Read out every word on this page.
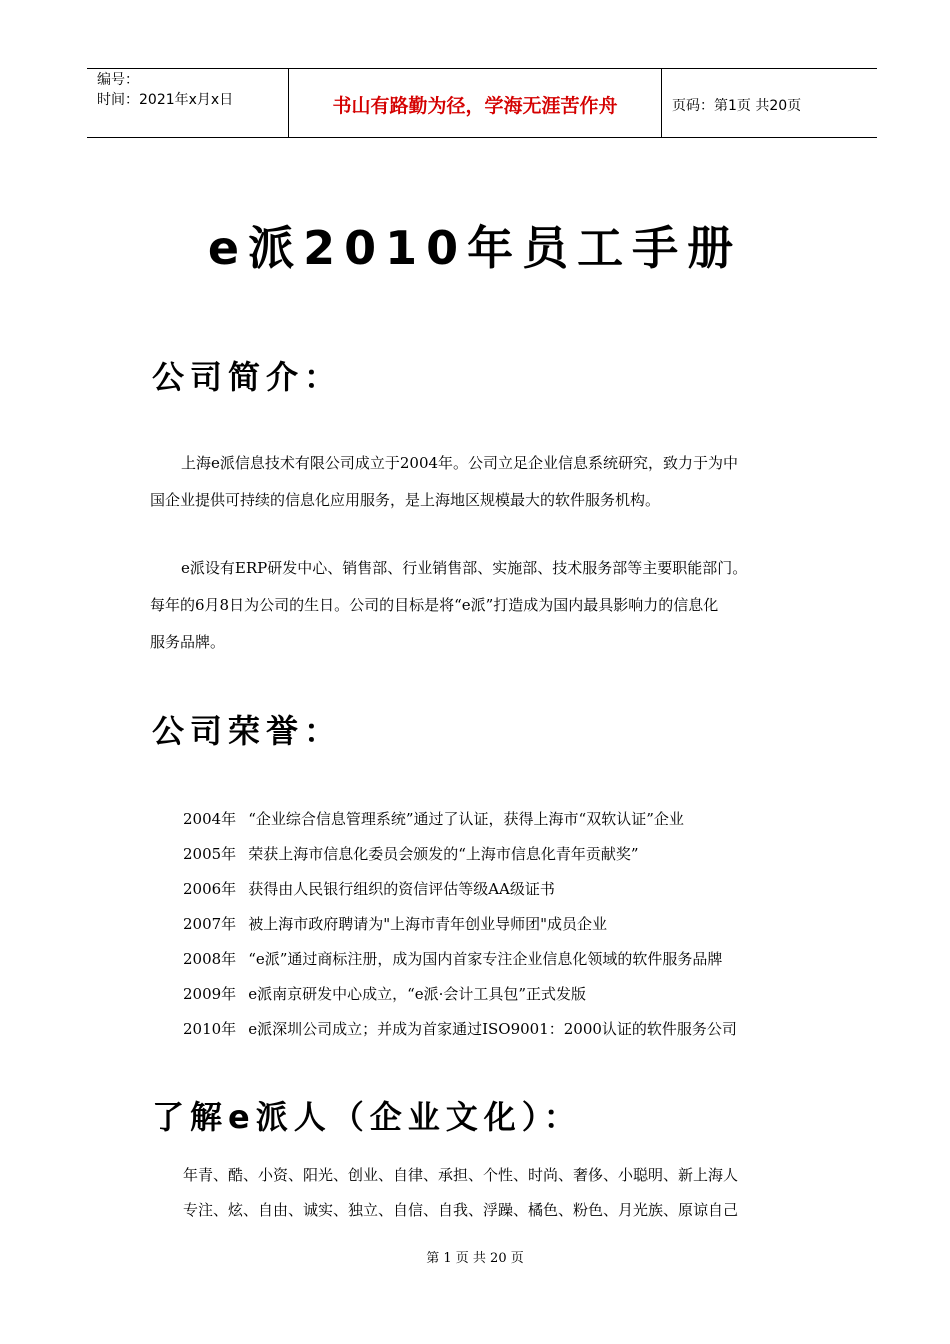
编号：
时间：2021年x月x日	书山有路勤为径，学海无涯苦作舟	页码：第1页 共20页
e派2010年员工手册
公司简介：
上海e派信息技术有限公司成立于2004年。公司立足企业信息系统研究，致力于为中
国企业提供可持续的信息化应用服务，是上海地区规模最大的软件服务机构。
e派设有ERP研发中心、销售部、行业销售部、实施部、技术服务部等主要职能部门。
每年的6月8日为公司的生日。公司的目标是将“e派”打造成为国内最具影响力的信息化
服务品牌。
公司荣誉：
2004年 “企业综合信息管理系统”通过了认证，获得上海市“双软认证”企业
2005年 荣获上海市信息化委员会颁发的“上海市信息化青年贡献奖”
2006年 获得由人民银行组织的资信评估等级AA级证书
2007年 被上海市政府聘请为"上海市青年创业导师团"成员企业
2008年 “e派”通过商标注册，成为国内首家专注企业信息化领域的软件服务品牌
2009年 e派南京研发中心成立，“e派·会计工具包”正式发版
2010年 e派深圳公司成立；并成为首家通过ISO9001：2000认证的软件服务公司
了解e派人（企业文化）：
年青、酷、小资、阳光、创业、自律、承担、个性、时尚、奢侈、小聪明、新上海人
专注、炫、自由、诚实、独立、自信、自我、浮躁、橘色、粉色、月光族、原谅自己
第 1 页 共 20 页
